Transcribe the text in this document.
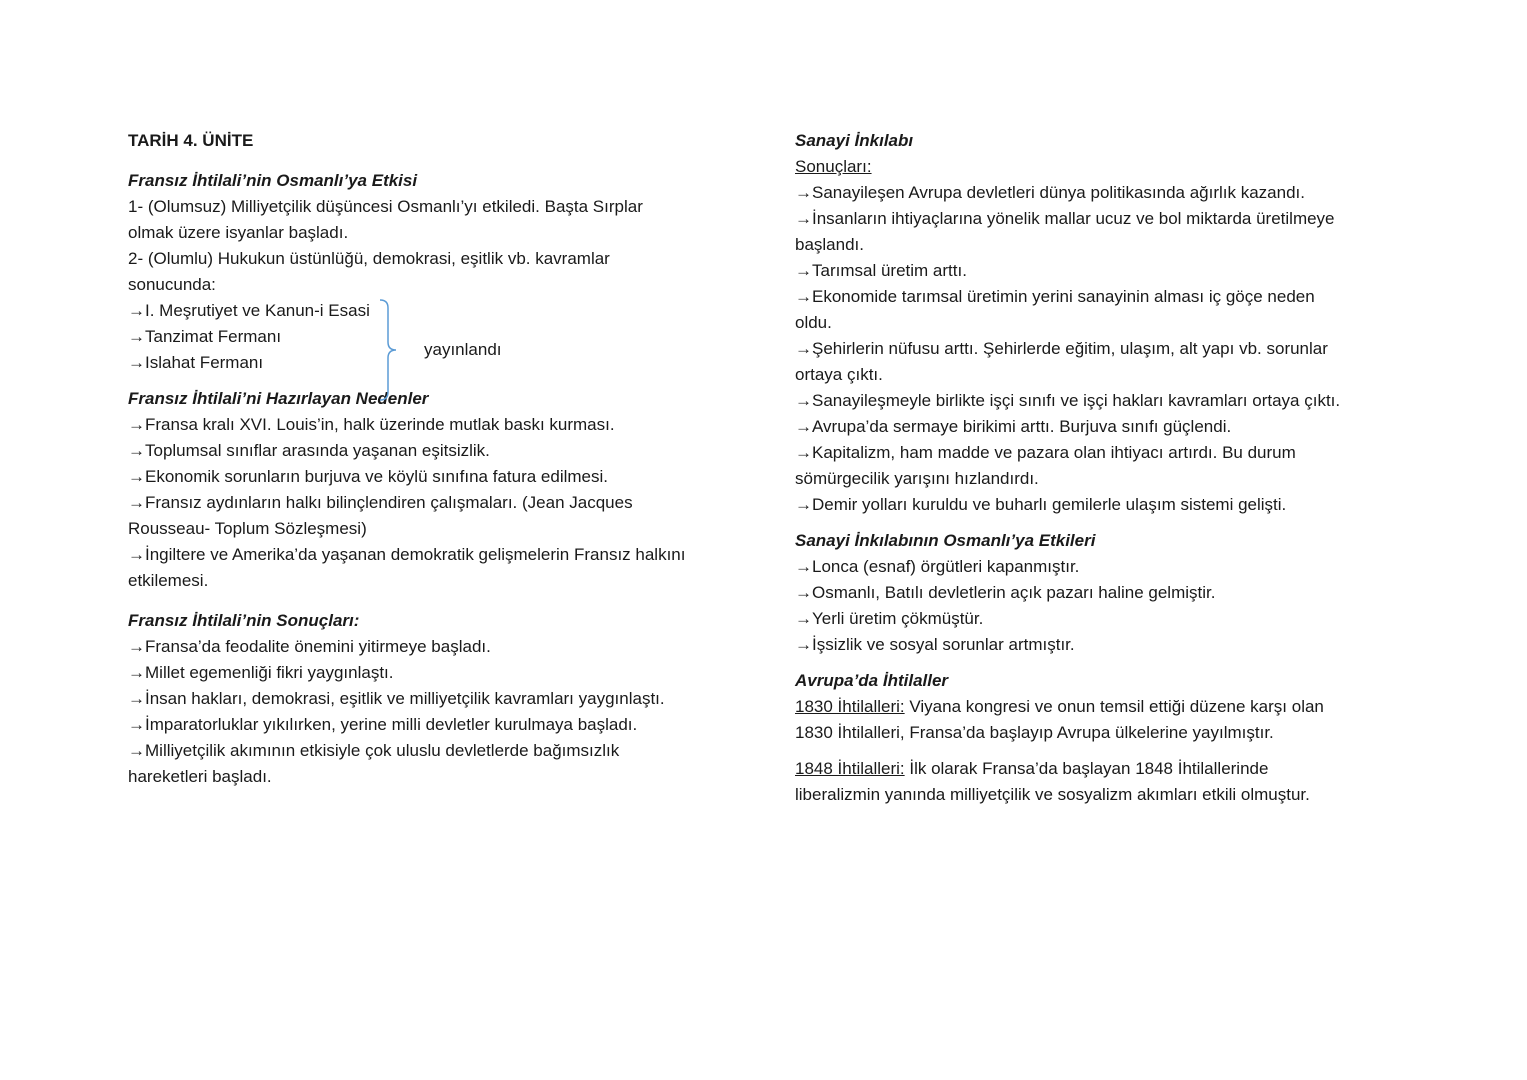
TARİH 4. ÜNİTE

Fransız İhtilali’nin Osmanlı’ya Etkisi

1- (Olumsuz) Milliyetçilik düşüncesi Osmanlı’yı etkiledi. Başta Sırplar

olmak üzere isyanlar başladı.

2- (Olumlu) Hukukun üstünlüğü, demokrasi, eşitlik vb. kavramlar

sonucunda:

→I. Meşrutiyet ve Kanun-i Esasi

→Tanzimat Fermanı

→Islahat Fermanı

yayınlandı

Fransız İhtilali’ni Hazırlayan Nedenler

→Fransa kralı XVI. Louis’in, halk üzerinde mutlak baskı kurması.

→Toplumsal sınıflar arasında yaşanan eşitsizlik.

→Ekonomik sorunların burjuva ve köylü sınıfına fatura edilmesi.

→Fransız aydınların halkı bilinçlendiren çalışmaları. (Jean Jacques

Rousseau- Toplum Sözleşmesi)

→İngiltere ve Amerika’da yaşanan demokratik gelişmelerin Fransız halkını

etkilemesi.

Fransız İhtilali’nin Sonuçları:

→Fransa’da feodalite önemini yitirmeye başladı.

→Millet egemenliği fikri yaygınlaştı.

→İnsan hakları, demokrasi, eşitlik ve milliyetçilik kavramları yaygınlaştı.

→İmparatorluklar yıkılırken, yerine milli devletler kurulmaya başladı.

→Milliyetçilik akımının etkisiyle çok uluslu devletlerde bağımsızlık

hareketleri başladı.

Sanayi İnkılabı

Sonuçları:

→Sanayileşen Avrupa devletleri dünya politikasında ağırlık kazandı.

→İnsanların ihtiyaçlarına yönelik mallar ucuz ve bol miktarda üretilmeye

başlandı.

→Tarımsal üretim arttı.

→Ekonomide tarımsal üretimin yerini sanayinin alması iç göçe neden

oldu.

→Şehirlerin nüfusu arttı. Şehirlerde eğitim, ulaşım, alt yapı vb. sorunlar

ortaya çıktı.

→Sanayileşmeyle birlikte işçi sınıfı ve işçi hakları kavramları ortaya çıktı.

→Avrupa’da sermaye birikimi arttı. Burjuva sınıfı güçlendi.

→Kapitalizm, ham madde ve pazara olan ihtiyacı artırdı. Bu durum

sömürgecilik yarışını hızlandırdı.

→Demir yolları kuruldu ve buharlı gemilerle ulaşım sistemi gelişti.

Sanayi İnkılabının Osmanlı’ya Etkileri

→Lonca (esnaf) örgütleri kapanmıştır.

→Osmanlı, Batılı devletlerin açık pazarı haline gelmiştir.

→Yerli üretim çökmüştür.

→İşsizlik ve sosyal sorunlar artmıştır.

Avrupa’da İhtilaller

1830 İhtilalleri: Viyana kongresi ve onun temsil ettiği düzene karşı olan

1830 İhtilalleri, Fransa’da başlayıp Avrupa ülkelerine yayılmıştır.

1848 İhtilalleri: İlk olarak Fransa’da başlayan 1848 İhtilallerinde

liberalizmin yanında milliyetçilik ve sosyalizm akımları etkili olmuştur.
